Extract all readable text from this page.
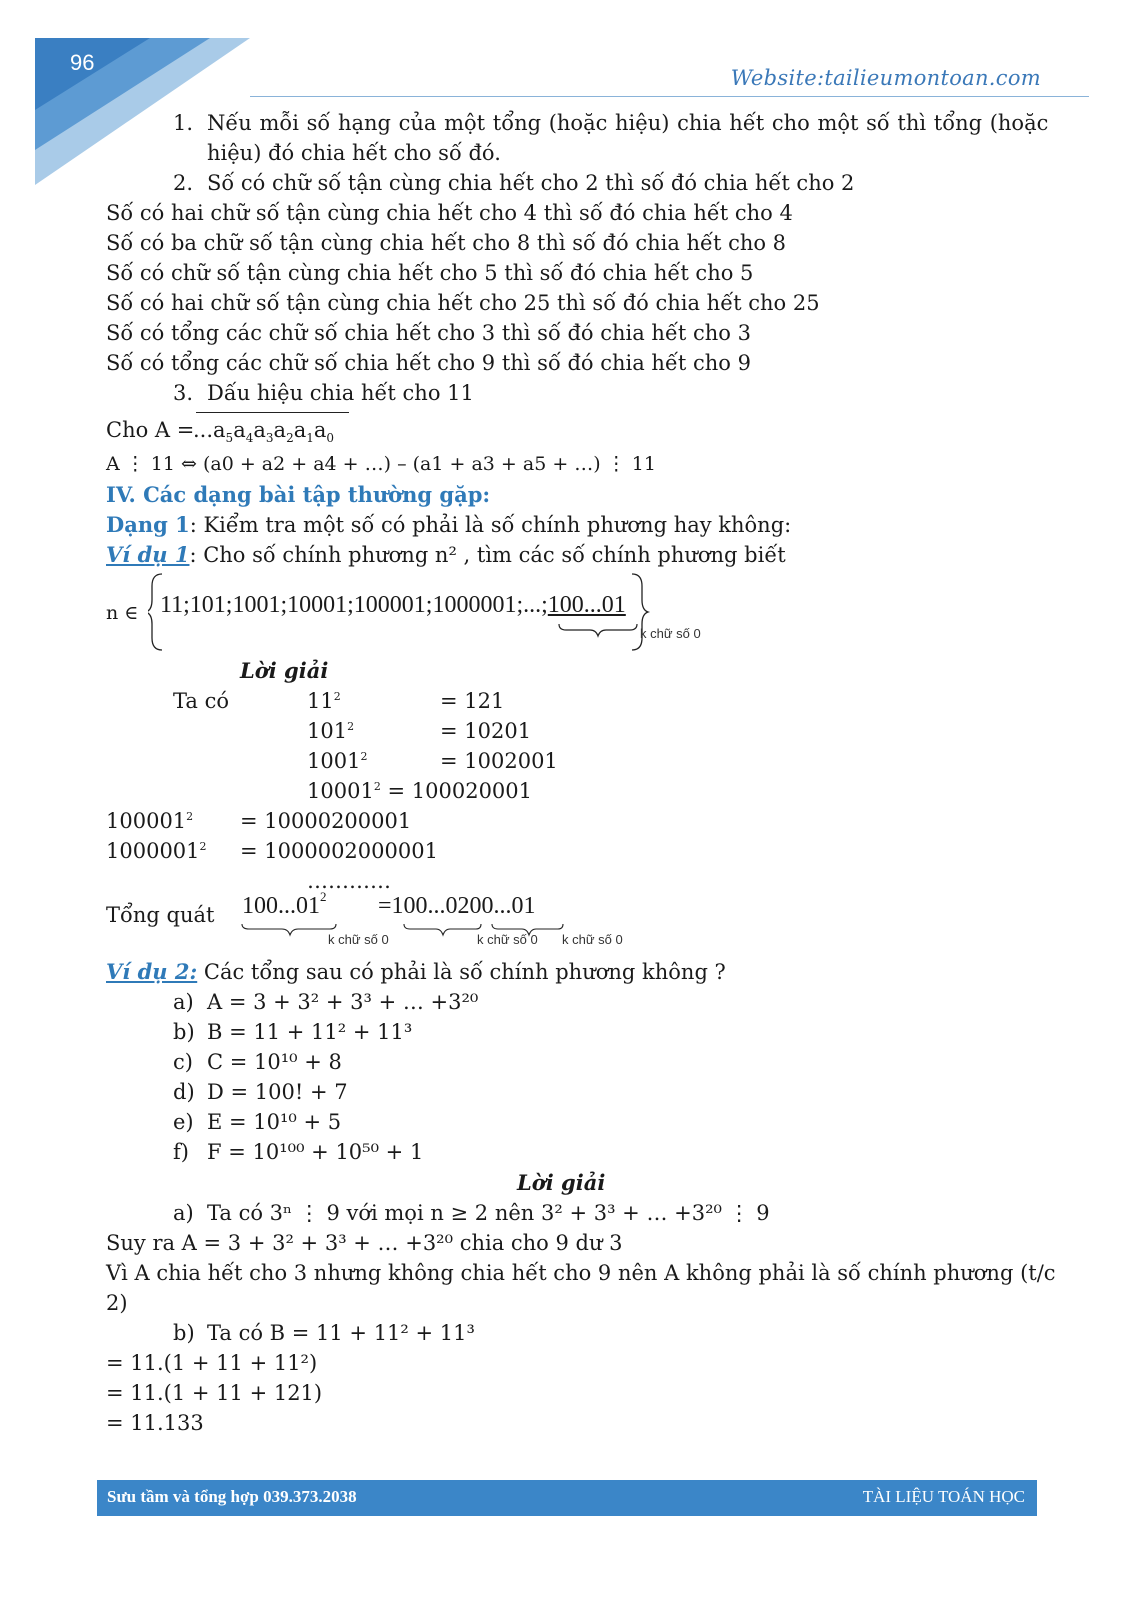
96
Website:tailieumontoan.com
1. Nếu mỗi số hạng của một tổng (hoặc hiệu) chia hết cho một số thì tổng (hoặc
hiệu) đó chia hết cho số đó.
2. Số có chữ số tận cùng chia hết cho 2 thì số đó chia hết cho 2
Số có hai chữ số tận cùng chia hết cho 4 thì số đó chia hết cho 4
Số có ba chữ số tận cùng chia hết cho 8 thì số đó chia hết cho 8
Số có chữ số tận cùng chia hết cho 5 thì số đó chia hết cho 5
Số có hai chữ số tận cùng chia hết cho 25 thì số đó chia hết cho 25
Số có tổng các chữ số chia hết cho 3 thì số đó chia hết cho 3
Số có tổng các chữ số chia hết cho 9 thì số đó chia hết cho 9
3. Dấu hiệu chia hết cho 11
Cho A =
$...a_5a_4a_3a_2a_1a_0$
A ⋮ 11 ⇔ (a0 + a2 + a4 + …) – (a1 + a3 + a5 + …) ⋮ 11
IV. Các dạng bài tập thường gặp:
Dạng 1: Kiểm tra một số có phải là số chính phương hay không:
Ví dụ 1: Cho số chính phương n² , tìm các số chính phương biết
n ∈ 11;101;1001;10001;100001;1000001;...;100...01
k chữ số 0
Lời giải
Ta có	$11^2$	= 121
$101^2$	= 10201
$1001^2$	= 1002001
$10001^2 = 100020001$
$100001^2 = 10000200001$
$1000001^2 = 1000002000001$
…………
Tổng quát $100...01^2 =100...0200...01$
k chữ số 0	k chữ số 0 k chữ số 0
Ví dụ 2: Các tổng sau có phải là số chính phương không ?
a) A = 3 + 3² + 3³ + … +3²⁰
b) B = 11 + 11² + 11³
c) C = 10¹⁰ + 8
d) D = 100! + 7
e) E = 10¹⁰ + 5
f) F = 10¹⁰⁰ + 10⁵⁰ + 1
Lời giải
a) Ta có 3ⁿ ⋮ 9 với mọi n ≥ 2 nên 3² + 3³ + … +3²⁰ ⋮ 9
Suy ra A = 3 + 3² + 3³ + … +3²⁰ chia cho 9 dư 3
Vì A chia hết cho 3 nhưng không chia hết cho 9 nên A không phải là số chính phương (t/c
2)
b) Ta có B = 11 + 11² + 11³
= 11.(1 + 11 + 11²)
= 11.(1 + 11 + 121)
= 11.133
Sưu tầm và tổng hợp 039.373.2038	TÀI LIỆU TOÁN HỌC
